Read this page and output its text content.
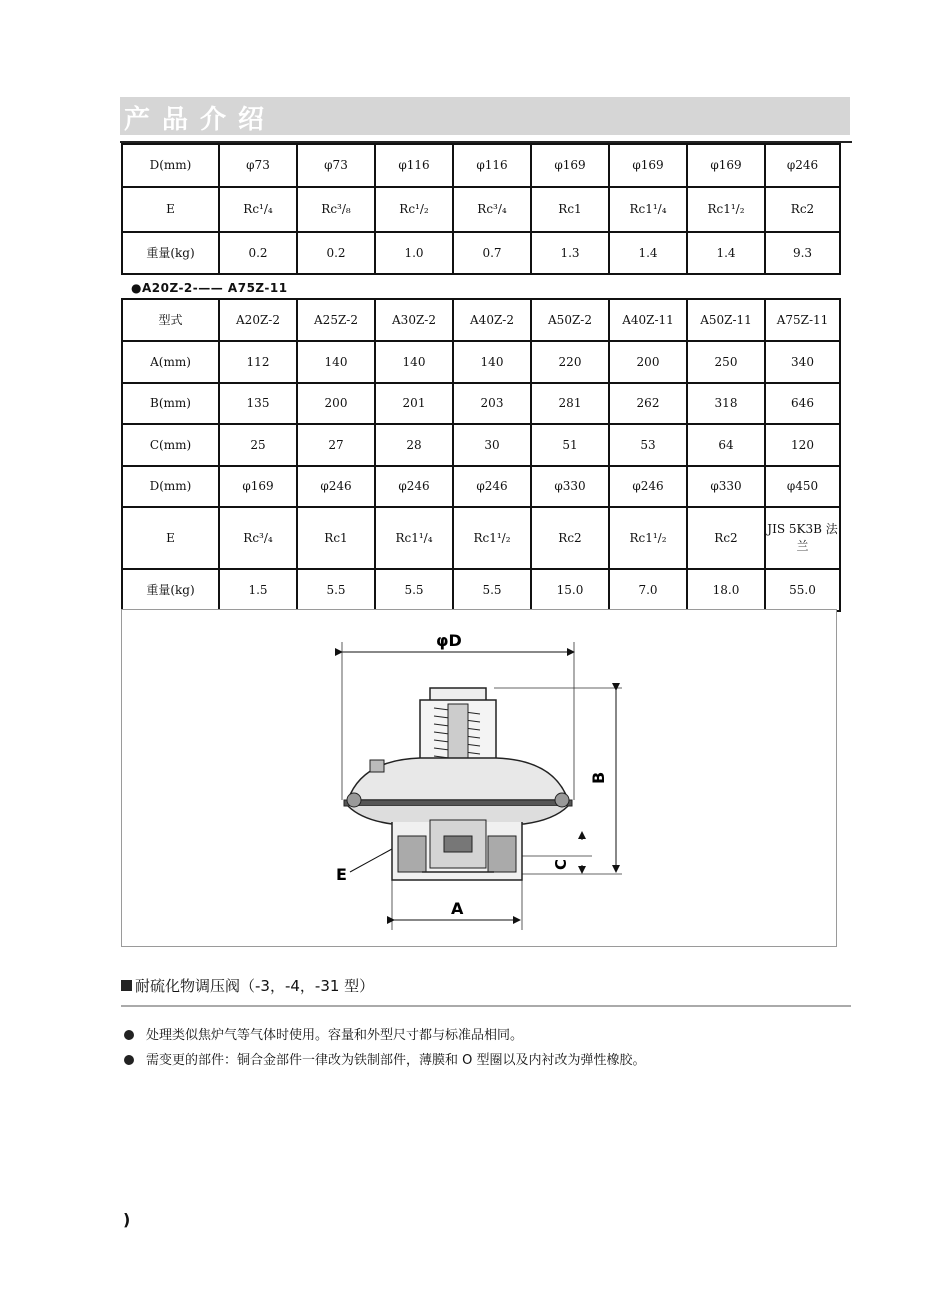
产品介绍
D(mm)	φ73	φ73	φ116	φ116	φ169	φ169	φ169	φ246
E	Rc¹/₄	Rc³/₈	Rc¹/₂	Rc³/₄	Rc1	Rc1¹/₄	Rc1¹/₂	Rc2
重量(kg)	0.2	0.2	1.0	0.7	1.3	1.4	1.4	9.3
●A20Z-2-—— A75Z-11
型式	A20Z-2	A25Z-2	A30Z-2	A40Z-2	A50Z-2	A40Z-11	A50Z-11	A75Z-11
A(mm)	112	140	140	140	220	200	250	340
B(mm)	135	200	201	203	281	262	318	646
C(mm)	25	27	28	30	51	53	64	120
D(mm)	φ169	φ246	φ246	φ246	φ330	φ246	φ330	φ450
E	Rc³/₄	Rc1	Rc1¹/₄	Rc1¹/₂	Rc2	Rc1¹/₂	Rc2	JIS 5K3B 法兰
重量(kg)	1.5	5.5	5.5	5.5	15.0	7.0	18.0	55.0
φD
B
C
A
E
耐硫化物调压阀（-3，-4，-31 型）
处理类似焦炉气等气体时使用。容量和外型尺寸都与标准品相同。
需变更的部件：铜合金部件一律改为铁制部件，薄膜和 O 型圈以及内衬改为弹性橡胶。
)
